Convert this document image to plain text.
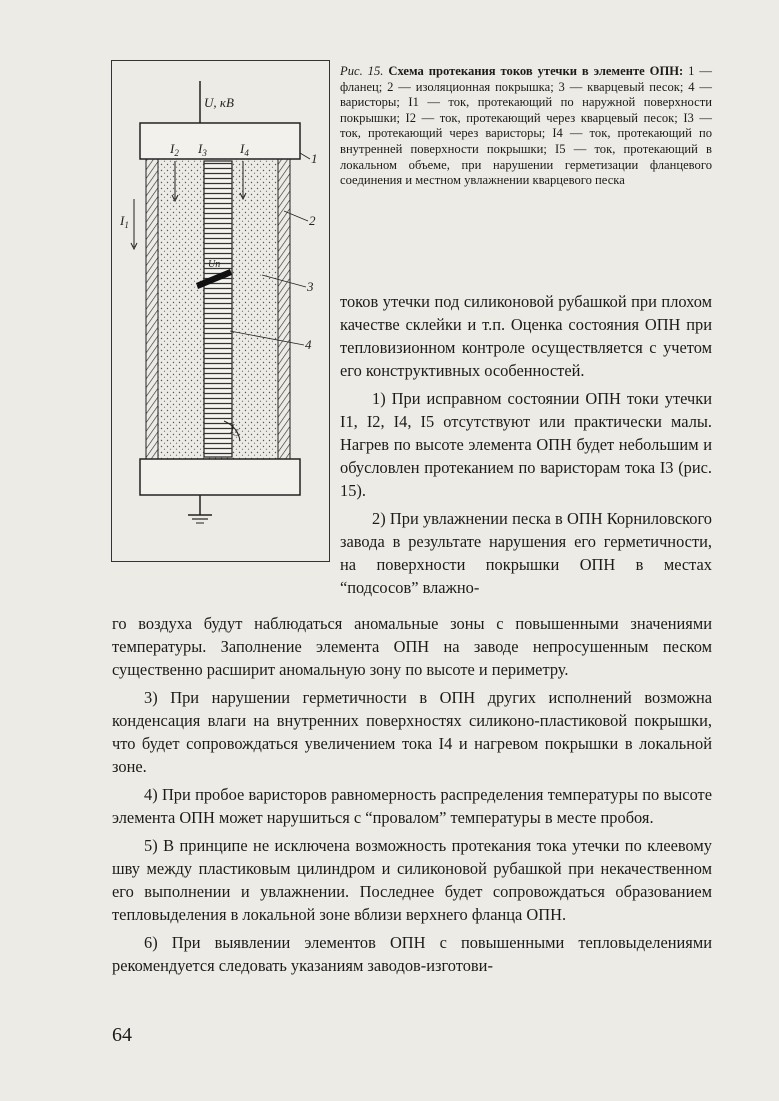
U, кВ
Un
$I_2$ $I_3$	$I_4$
$I_1$
$I_5$
1
2
3
4
Рис. 15. Схема протекания токов утечки в элементе ОПН: 1 — фланец; 2 — изоляционная покрышка; 3 — кварцевый песок; 4 — варисторы; I1 — ток, протекающий по наружной поверхности покрышки; I2 — ток, протекающий через кварцевый песок; I3 — ток, протекающий через варисторы; I4 — ток, протекающий по внутренней поверхности покрышки; I5 — ток, протекающий в локальном объеме, при нарушении герметизации фланцевого соединения и местном увлажнении кварцевого песка

токов утечки под силиконовой рубашкой при плохом качестве склейки и т.п. Оценка состояния ОПН при тепловизионном контроле осуществляется с учетом его конструктивных особенностей.

1) При исправном состоянии ОПН токи утечки I1, I2, I4, I5 отсутствуют или практически малы. Нагрев по высоте элемента ОПН будет небольшим и обусловлен протеканием по варисторам тока I3 (рис. 15).

2) При увлажнении песка в ОПН Корниловского завода в результате нарушения его герметичности, на поверхности покрышки ОПН в местах “подсосов” влажно-

го воздуха будут наблюдаться аномальные зоны с повышенными значениями температуры. Заполнение элемента ОПН на заводе непросушенным песком существенно расширит аномальную зону по высоте и периметру.

3) При нарушении герметичности в ОПН других исполнений возможна конденсация влаги на внутренних поверхностях силиконо-пластиковой покрышки, что будет сопровождаться увеличением тока I4 и нагревом покрышки в локальной зоне.

4) При пробое варисторов равномерность распределения температуры по высоте элемента ОПН может нарушиться с “провалом” температуры в месте пробоя.

5) В принципе не исключена возможность протекания тока утечки по клеевому шву между пластиковым цилиндром и силиконовой рубашкой при некачественном его выполнении и увлажнении. Последнее будет сопровождаться образованием тепловыделения в локальной зоне вблизи верхнего фланца ОПН.

6) При выявлении элементов ОПН с повышенными тепловыделениями рекомендуется следовать указаниям заводов-изготови-

64
